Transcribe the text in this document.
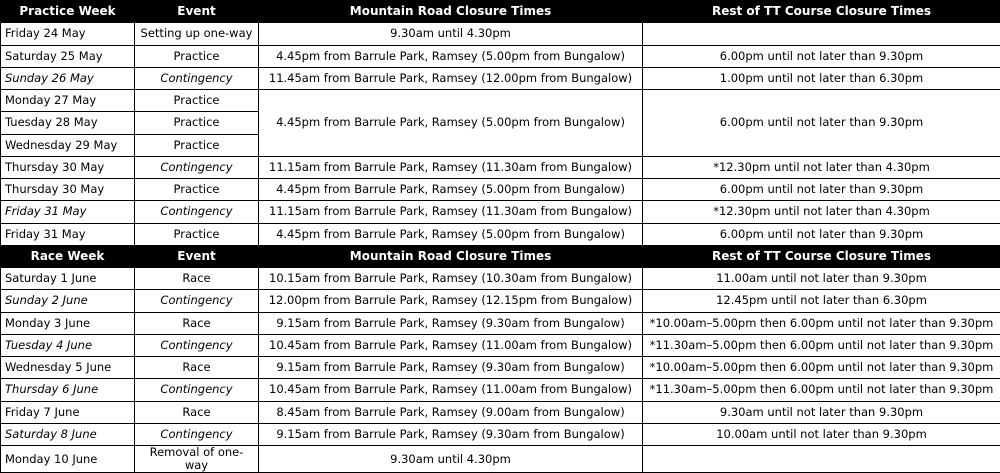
Practice Week	Event	Mountain Road Closure Times	Rest of TT Course Closure Times
Friday 24 May	Setting up one-way	9.30am until 4.30pm	
Saturday 25 May	Practice	4.45pm from Barrule Park, Ramsey (5.00pm from Bungalow)	6.00pm until not later than 9.30pm
Sunday 26 May	Contingency	11.45am from Barrule Park, Ramsey (12.00pm from Bungalow)	1.00pm until not later than 6.30pm
Monday 27 May	Practice	4.45pm from Barrule Park, Ramsey (5.00pm from Bungalow)	6.00pm until not later than 9.30pm
Tuesday 28 May	Practice		
Wednesday 29 May	Practice		
Thursday 30 May	Contingency	11.15am from Barrule Park, Ramsey (11.30am from Bungalow)	*12.30pm until not later than 4.30pm
Thursday 30 May	Practice	4.45pm from Barrule Park, Ramsey (5.00pm from Bungalow)	6.00pm until not later than 9.30pm
Friday 31 May	Contingency	11.15am from Barrule Park, Ramsey (11.30am from Bungalow)	*12.30pm until not later than 4.30pm
Friday 31 May	Practice	4.45pm from Barrule Park, Ramsey (5.00pm from Bungalow)	6.00pm until not later than 9.30pm
Race Week	Event	Mountain Road Closure Times	Rest of TT Course Closure Times
Saturday 1 June	Race	10.15am from Barrule Park, Ramsey (10.30am from Bungalow)	11.00am until not later than 9.30pm
Sunday 2 June	Contingency	12.00pm from Barrule Park, Ramsey (12.15pm from Bungalow)	12.45pm until not later than 6.30pm
Monday 3 June	Race	9.15am from Barrule Park, Ramsey (9.30am from Bungalow)	*10.00am–5.00pm then 6.00pm until not later than 9.30pm
Tuesday 4 June	Contingency	10.45am from Barrule Park, Ramsey (11.00am from Bungalow)	*11.30am–5.00pm then 6.00pm until not later than 9.30pm
Wednesday 5 June	Race	9.15am from Barrule Park, Ramsey (9.30am from Bungalow)	*10.00am–5.00pm then 6.00pm until not later than 9.30pm
Thursday 6 June	Contingency	10.45am from Barrule Park, Ramsey (11.00am from Bungalow)	*11.30am–5.00pm then 6.00pm until not later than 9.30pm
Friday 7 June	Race	8.45am from Barrule Park, Ramsey (9.00am from Bungalow)	9.30am until not later than 9.30pm
Saturday 8 June	Contingency	9.15am from Barrule Park, Ramsey (9.30am from Bungalow)	10.00am until not later than 9.30pm
Monday 10 June	Removal of one-way	9.30am until 4.30pm	
